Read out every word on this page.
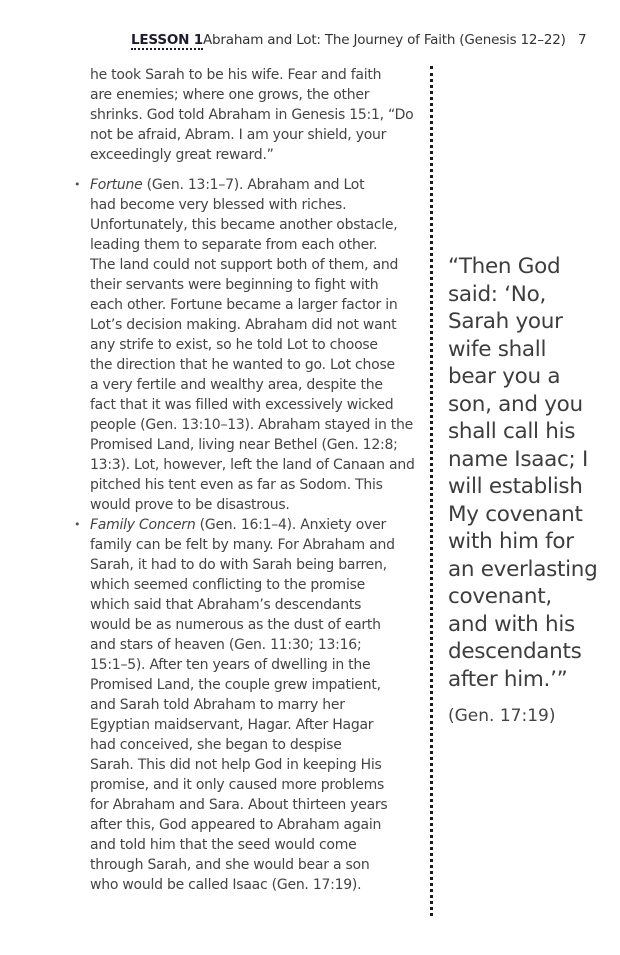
LESSON 1 Abraham and Lot: The Journey of Faith (Genesis 12–22) 7

he took Sarah to be his wife. Fear and faith
are enemies; where one grows, the other
shrinks. God told Abraham in Genesis 15:1, “Do
not be afraid, Abram. I am your shield, your
exceedingly great reward.”

• Fortune (Gen. 13:1–7). Abraham and Lot
had become very blessed with riches.
Unfortunately, this became another obstacle,
leading them to separate from each other.
The land could not support both of them, and
their servants were beginning to fight with
each other. Fortune became a larger factor in
Lot’s decision making. Abraham did not want
any strife to exist, so he told Lot to choose
the direction that he wanted to go. Lot chose
a very fertile and wealthy area, despite the
fact that it was filled with excessively wicked
people (Gen. 13:10–13). Abraham stayed in the
Promised Land, living near Bethel (Gen. 12:8;
13:3). Lot, however, left the land of Canaan and
pitched his tent even as far as Sodom. This
would prove to be disastrous.

• Family Concern (Gen. 16:1–4). Anxiety over
family can be felt by many. For Abraham and
Sarah, it had to do with Sarah being barren,
which seemed conflicting to the promise
which said that Abraham’s descendants
would be as numerous as the dust of earth
and stars of heaven (Gen. 11:30; 13:16;
15:1–5). After ten years of dwelling in the
Promised Land, the couple grew impatient,
and Sarah told Abraham to marry her
Egyptian maidservant, Hagar. After Hagar
had conceived, she began to despise
Sarah. This did not help God in keeping His
promise, and it only caused more problems
for Abraham and Sara. About thirteen years
after this, God appeared to Abraham again
and told him that the seed would come
through Sarah, and she would bear a son
who would be called Isaac (Gen. 17:19).

“Then God
said: ‘No,
Sarah your
wife shall
bear you a
son, and you
shall call his
name Isaac; I
will establish
My covenant
with him for
an everlasting
covenant,
and with his
descendants
after him.’”
(Gen. 17:19)
